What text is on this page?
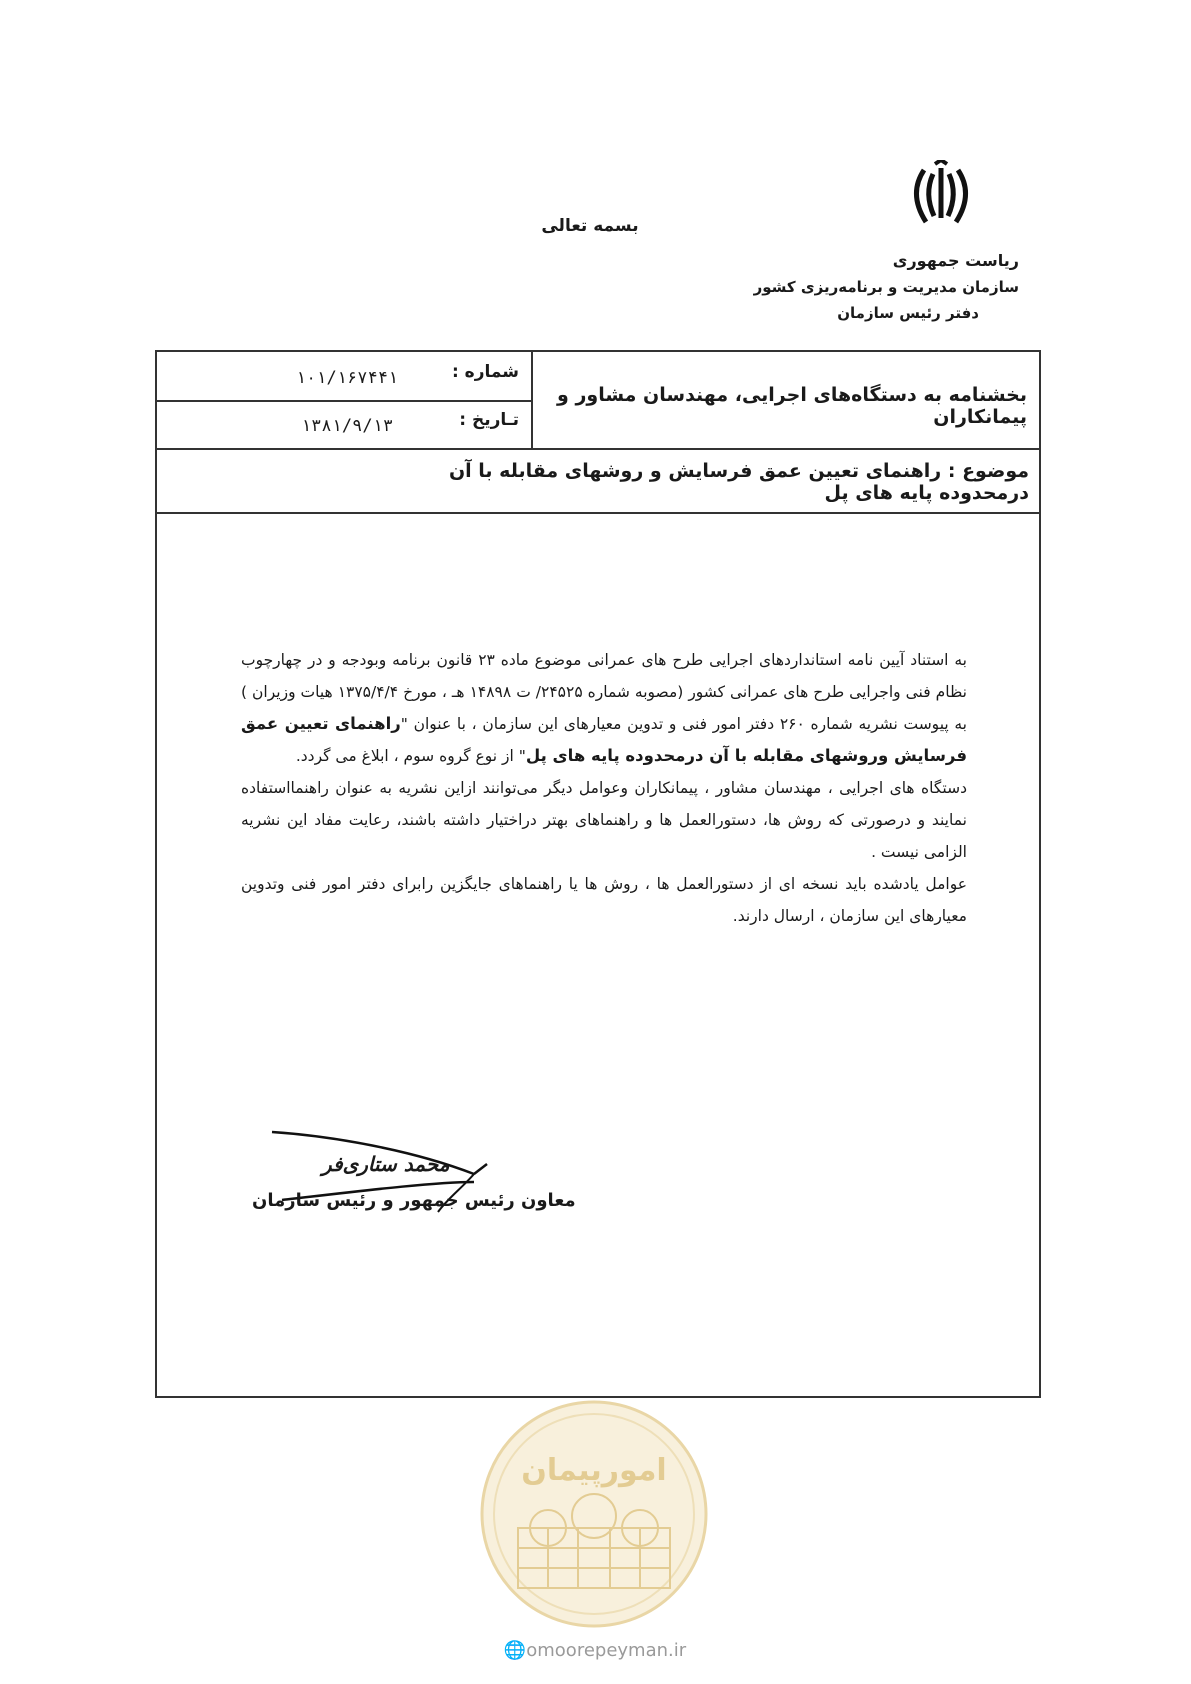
بسمه تعالی
ریاست جمهوری
سازمان مدیریت و برنامه‌ریزی کشور
دفتر رئیس سازمان
شماره :
۱۰۱/۱۶۷۴۴۱
تـاریخ :
۱۳۸۱/۹/۱۳
بخشنامه به دستگاه‌های اجرایی، مهندسان مشاور و پیمانکاران
موضوع : راهنمای تعیین عمق فرسایش و روشهای مقابله با آن درمحدوده پایه های پل

به استناد آیین نامه استانداردهای اجرایی طرح های عمرانی موضوع ماده ۲۳ قانون برنامه وبودجه و در چهارچوب نظام فنی واجرایی طرح های عمرانی کشور (مصوبه شماره ۲۴۵۲۵/ ت ۱۴۸۹۸ هـ ، مورخ ۱۳۷۵/۴/۴ هیات وزیران ) به پیوست نشریه شماره ۲۶۰ دفتر امور فنی و تدوین معیارهای این سازمان ، با عنوان "راهنمای تعیین عمق فرسایش وروشهای مقابله با آن درمحدوده پایه های پل" از نوع گروه سوم ، ابلاغ می گردد.

دستگاه های اجرایی ، مهندسان مشاور ، پیمانکاران وعوامل دیگر می‌توانند ازاین نشریه به عنوان راهنمااستفاده نمایند و درصورتی که روش ها، دستورالعمل ها و راهنماهای بهتر دراختیار داشته باشند، رعایت مفاد این نشریه الزامی نیست .

عوامل یادشده باید نسخه ای از دستورالعمل ها ، روش ها یا راهنماهای جایگزین رابرای دفتر امور فنی وتدوین معیارهای این سازمان ، ارسال دارند.

محمد ستاری‌فر
معاون رئیس جمهور و رئیس سازمان
امورپیمان
🌐omoorepeyman.ir
